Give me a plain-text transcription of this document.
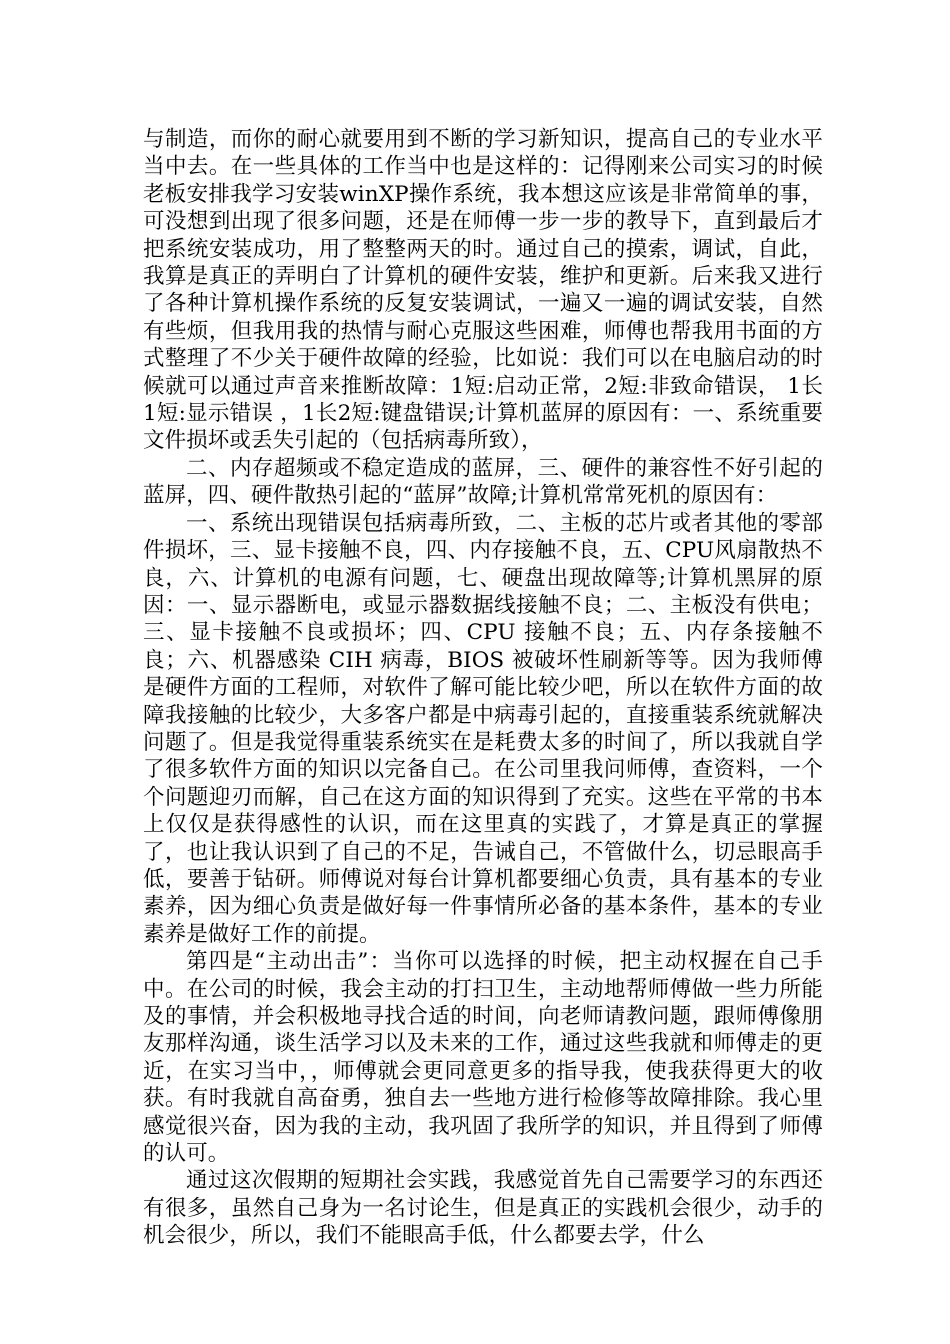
与制造，而你的耐心就要用到不断的学习新知识，提高自己的专业水平当中去。在一些具体的工作当中也是这样的：记得刚来公司实习的时候老板安排我学习安装winXP操作系统，我本想这应该是非常简单的事，可没想到出现了很多问题，还是在师傅一步一步的教导下，直到最后才把系统安装成功，用了整整两天的时。通过自己的摸索，调试，自此，我算是真正的弄明白了计算机的硬件安装，维护和更新。后来我又进行了各种计算机操作系统的反复安装调试，一遍又一遍的调试安装，自然有些烦，但我用我的热情与耐心克服这些困难，师傅也帮我用书面的方式整理了不少关于硬件故障的经验，比如说：我们可以在电脑启动的时候就可以通过声音来推断故障：1短:启动正常，2短:非致命错误， 1长1短:显示错误 ，1长2短:键盘错误;计算机蓝屏的原因有：一、系统重要文件损坏或丢失引起的（包括病毒所致），

二、内存超频或不稳定造成的蓝屏，三、硬件的兼容性不好引起的蓝屏，四、硬件散热引起的“蓝屏”故障;计算机常常死机的原因有：

一、系统出现错误包括病毒所致，二、主板的芯片或者其他的零部件损坏，三、显卡接触不良，四、内存接触不良，五、CPU风扇散热不良，六、计算机的电源有问题，七、硬盘出现故障等;计算机黑屏的原因：一、显示器断电，或显示器数据线接触不良；二、主板没有供电；三、显卡接触不良或损坏；四、CPU 接触不良；五、内存条接触不良；六、机器感染 CIH 病毒，BIOS 被破坏性刷新等等。因为我师傅是硬件方面的工程师，对软件了解可能比较少吧，所以在软件方面的故障我接触的比较少，大多客户都是中病毒引起的，直接重装系统就解决问题了。但是我觉得重装系统实在是耗费太多的时间了，所以我就自学了很多软件方面的知识以完备自己。在公司里我问师傅，查资料，一个个问题迎刃而解，自己在这方面的知识得到了充实。这些在平常的书本上仅仅是获得感性的认识，而在这里真的实践了，才算是真正的掌握了，也让我认识到了自己的不足，告诫自己，不管做什么，切忌眼高手低，要善于钻研。师傅说对每台计算机都要细心负责，具有基本的专业素养，因为细心负责是做好每一件事情所必备的基本条件，基本的专业素养是做好工作的前提。

第四是“主动出击”：当你可以选择的时候，把主动权握在自己手中。在公司的时候，我会主动的打扫卫生，主动地帮师傅做一些力所能及的事情，并会积极地寻找合适的时间，向老师请教问题，跟师傅像朋友那样沟通，谈生活学习以及未来的工作，通过这些我就和师傅走的更近，在实习当中，，师傅就会更同意更多的指导我，使我获得更大的收获。有时我就自高奋勇，独自去一些地方进行检修等故障排除。我心里感觉很兴奋，因为我的主动，我巩固了我所学的知识，并且得到了师傅的认可。

通过这次假期的短期社会实践，我感觉首先自己需要学习的东西还有很多，虽然自己身为一名讨论生，但是真正的实践机会很少，动手的机会很少，所以，我们不能眼高手低，什么都要去学，什么
